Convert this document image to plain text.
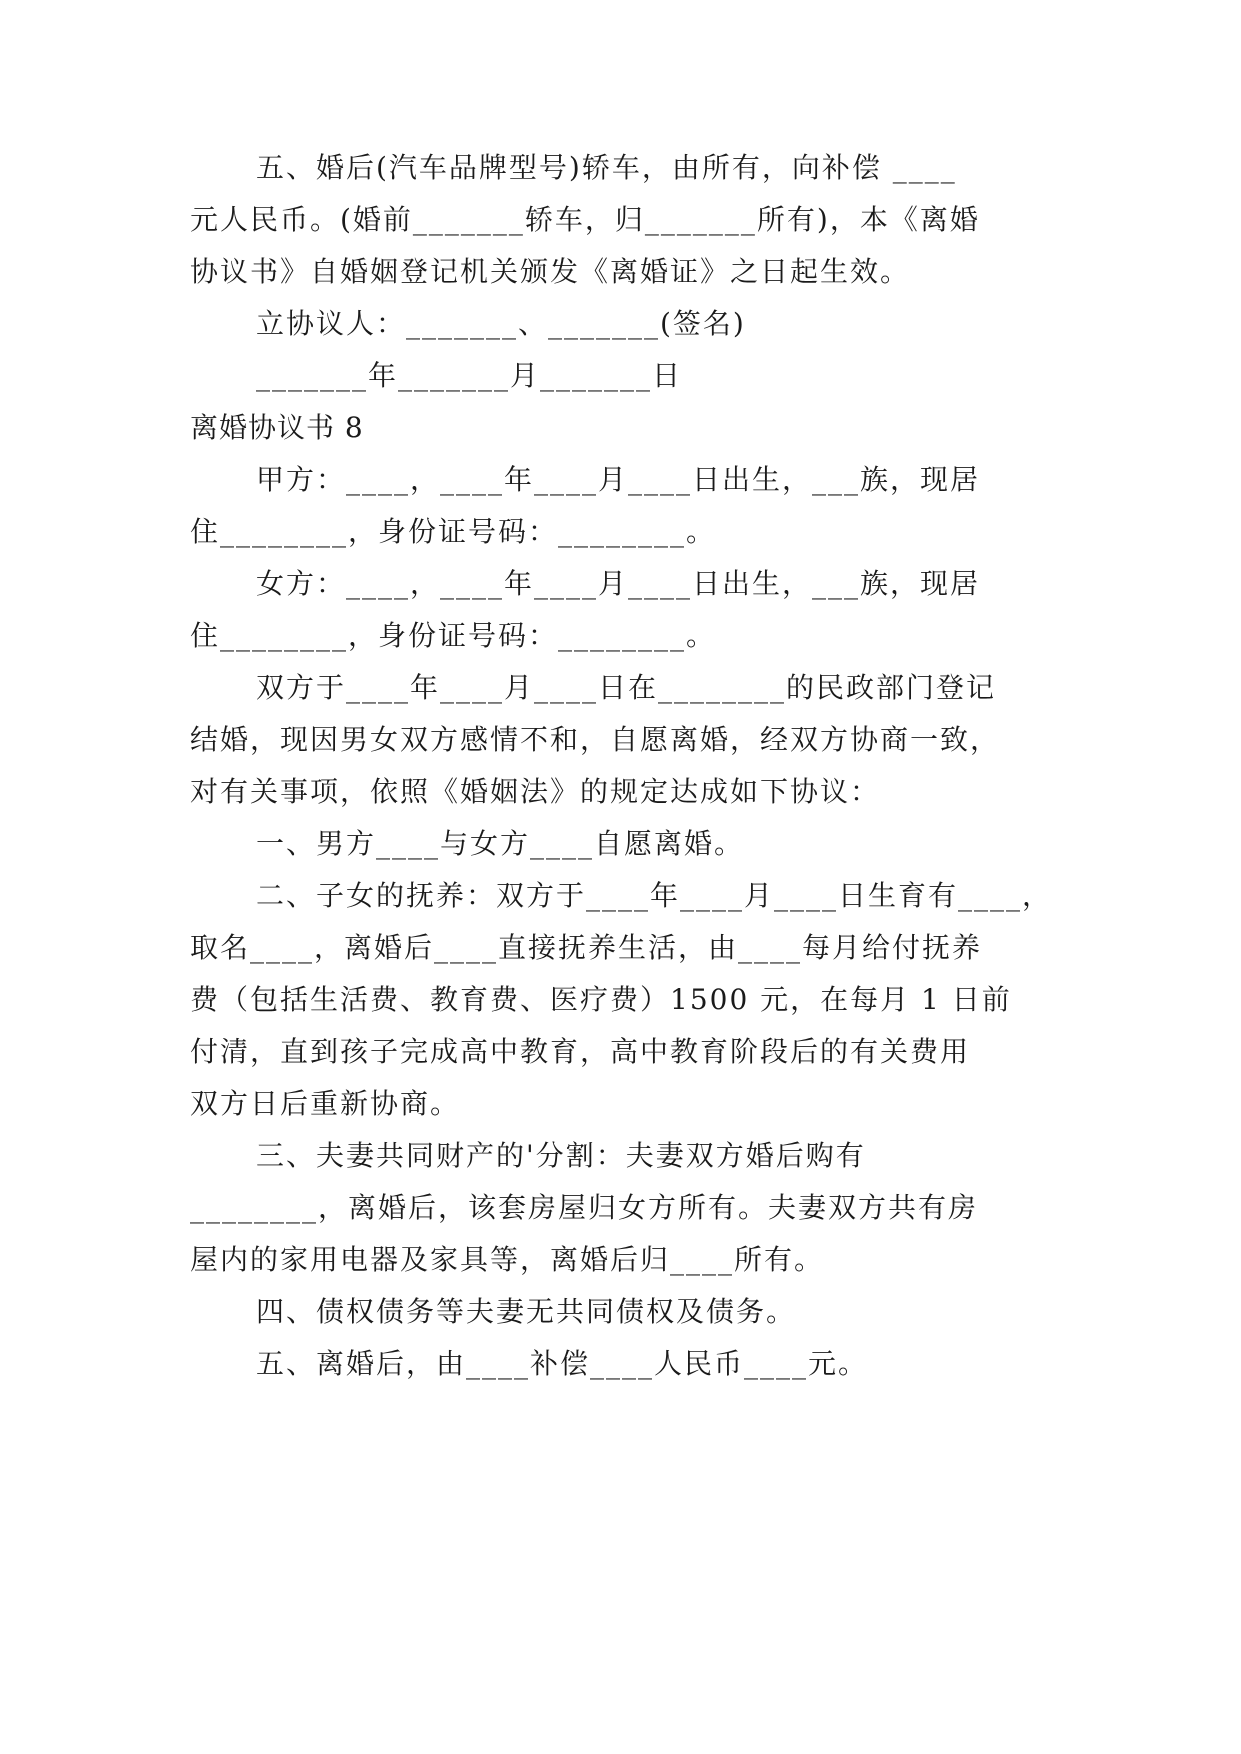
五、婚后(汽车品牌型号)轿车，由所有，向补偿 ____
元人民币。(婚前_______轿车，归_______所有)，本《离婚
协议书》自婚姻登记机关颁发《离婚证》之日起生效。
立协议人：_______、_______(签名)
_______年_______月_______日
离婚协议书 8
甲方：____，____年____月____日出生，___族，现居
住________，身份证号码：________。
女方：____，____年____月____日出生，___族，现居
住________，身份证号码：________。
双方于____年____月____日在________的民政部门登记
结婚，现因男女双方感情不和，自愿离婚，经双方协商一致，
对有关事项，依照《婚姻法》的规定达成如下协议：
一、男方____与女方____自愿离婚。
二、子女的抚养：双方于____年____月____日生育有____，
取名____，离婚后____直接抚养生活，由____每月给付抚养
费（包括生活费、教育费、医疗费）1500 元，在每月 1 日前
付清，直到孩子完成高中教育，高中教育阶段后的有关费用
双方日后重新协商。
三、夫妻共同财产的'分割：夫妻双方婚后购有
________，离婚后，该套房屋归女方所有。夫妻双方共有房
屋内的家用电器及家具等，离婚后归____所有。
四、债权债务等夫妻无共同债权及债务。
五、离婚后，由____补偿____人民币____元。
